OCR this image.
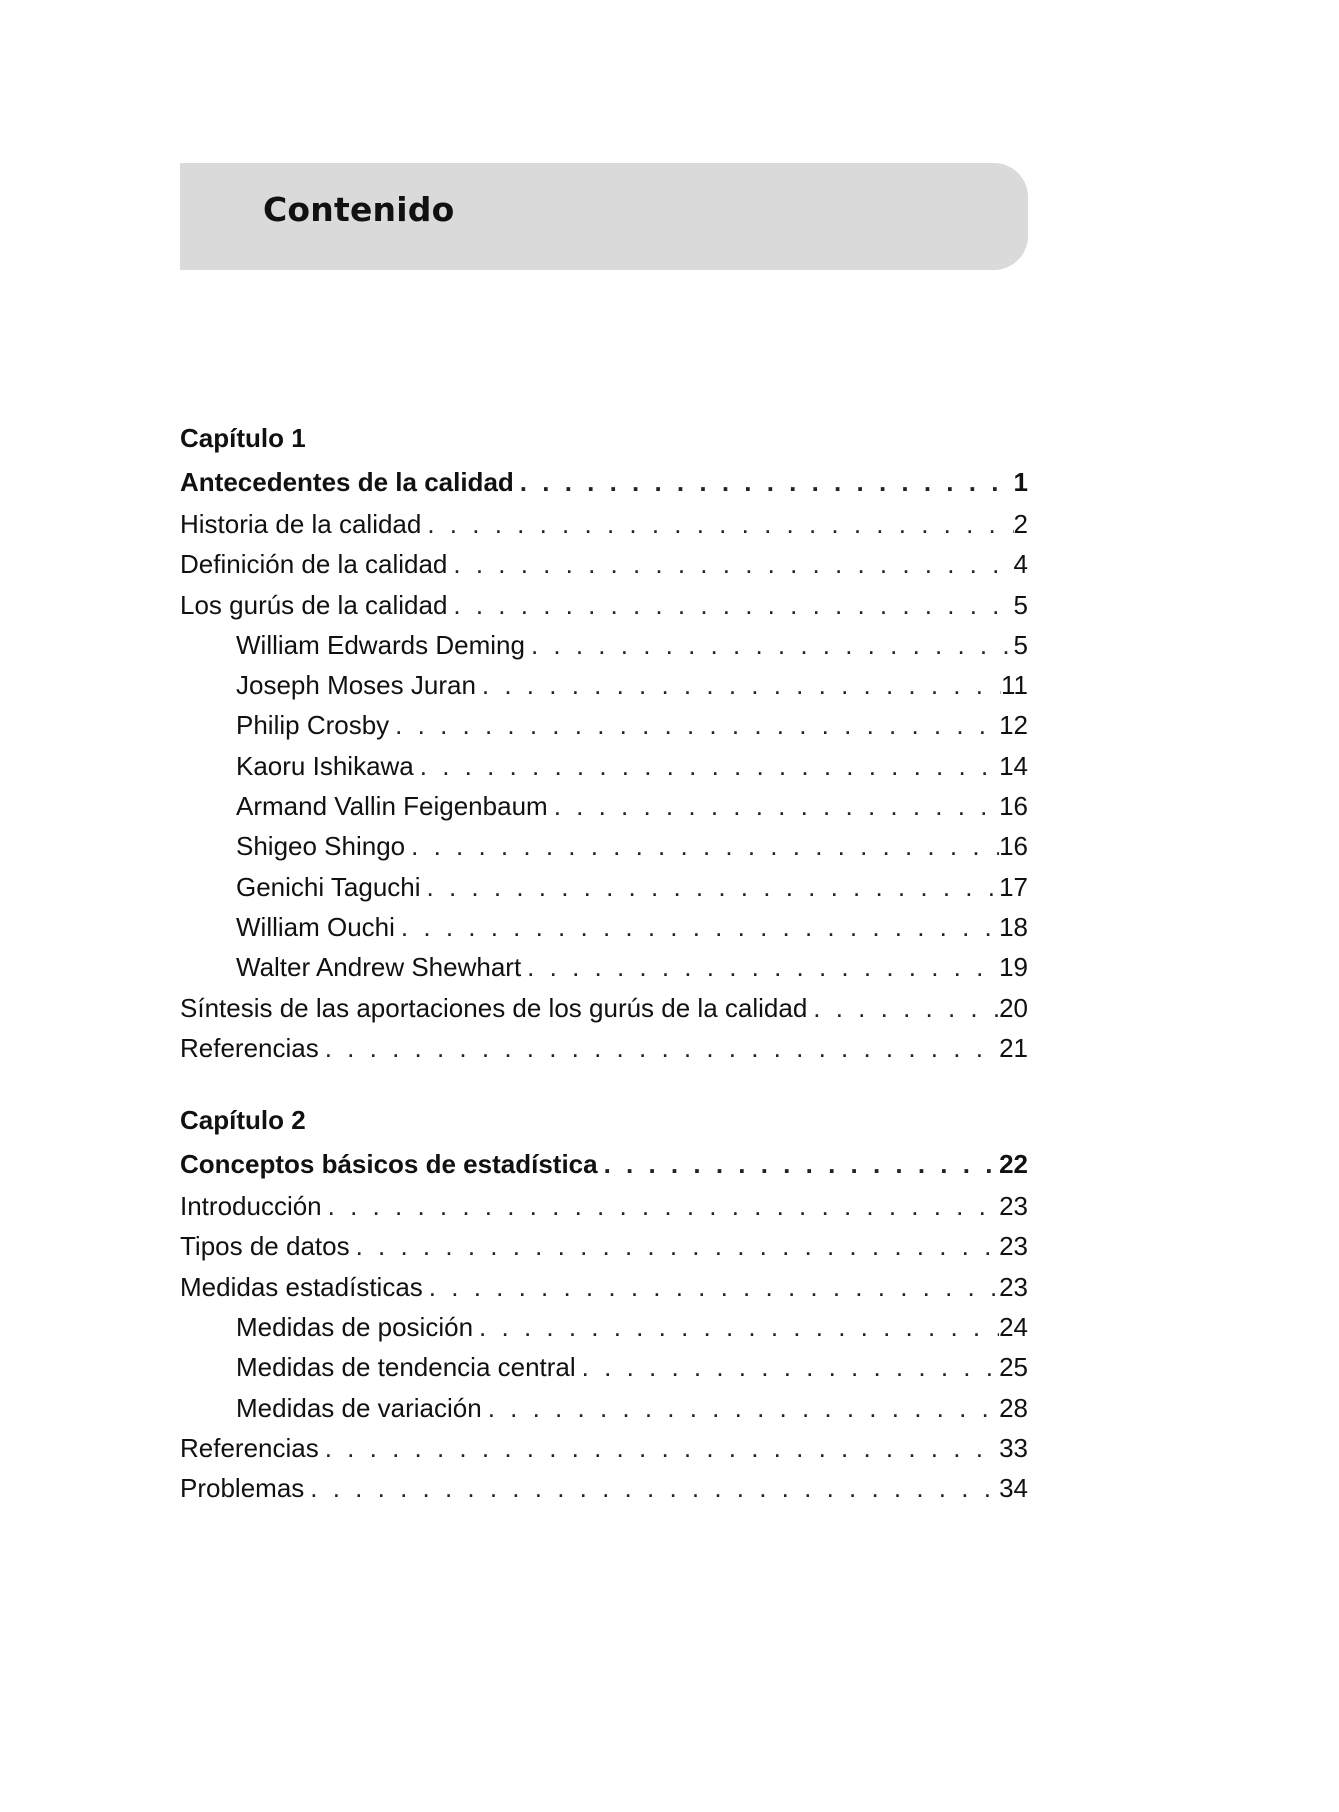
Contenido
Capítulo 1
Antecedentes de la calidad . . .	1
Historia de la calidad . . .	2
Definición de la calidad . . .	4
Los gurús de la calidad . . .	5
William Edwards Deming . . .	5
Joseph Moses Juran . . .	11
Philip Crosby . . .	12
Kaoru Ishikawa . . .	14
Armand Vallin Feigenbaum . . .	16
Shigeo Shingo . . .	16
Genichi Taguchi . . .	17
William Ouchi . . .	18
Walter Andrew Shewhart . . .	19
Síntesis de las aportaciones de los gurús de la calidad . . .	20
Referencias . . .	21
Capítulo 2
Conceptos básicos de estadística . . .	22
Introducción . . .	23
Tipos de datos . . .	23
Medidas estadísticas . . .	23
Medidas de posición . . .	24
Medidas de tendencia central . . .	25
Medidas de variación . . .	28
Referencias . . .	33
Problemas . . .	34
